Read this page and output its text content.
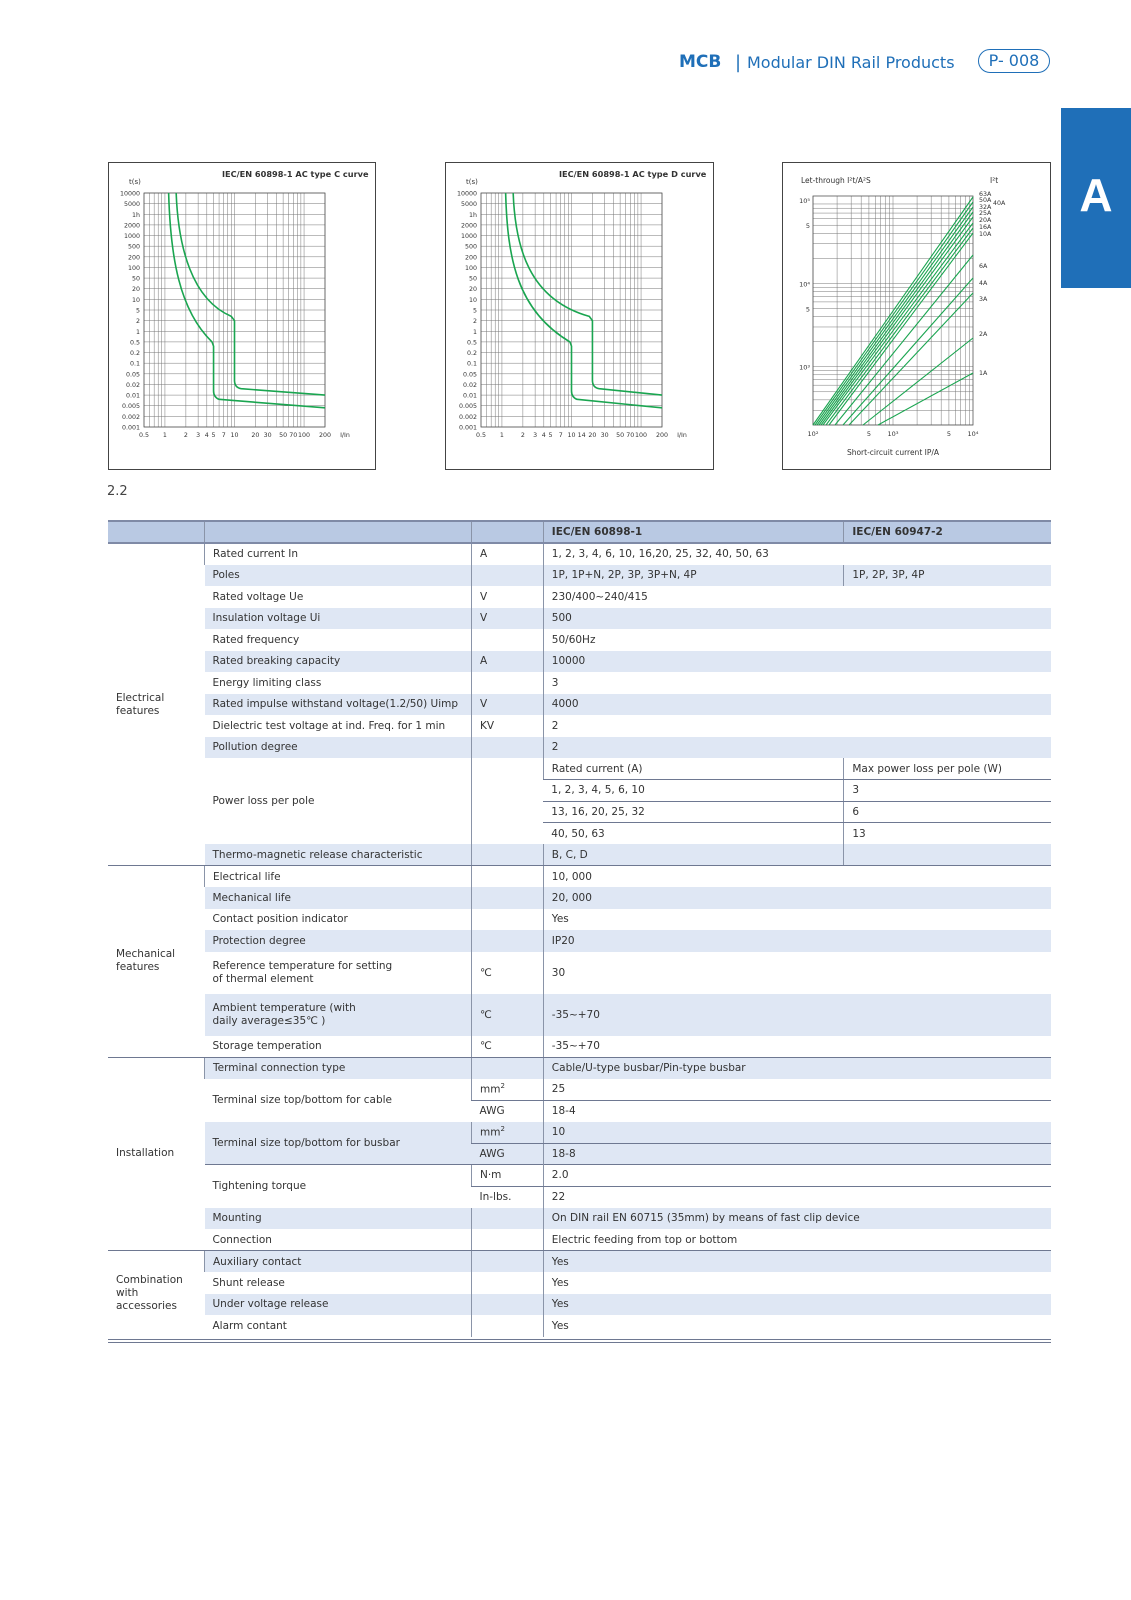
MCB | Modular DIN Rail Products	P- 008
A
IEC/EN 60898-1 AC type C curve
t(s)
10000
5000
1h
2000
1000
500
200
100
50
20
10
5
2
1
0.5
0.2
0.1
0.05
0.02
0.01
0.005
0.002
0.001
0.5 1	2 3 4 5 7 10 20 30 50 70 100 200 I/In
IEC/EN 60898-1 AC type D curve
t(s)
10000
5000
1h
2000
1000
500
200
100
50
20
10
5
2
1
0.5
0.2
0.1
0.05
0.02
0.01
0.005
0.002
0.001
0.5 1	2 3 4 5 7 10 14 20 30 50 70 100 200 I/In
Let-through I²t/A²S	I²t
10⁵
5
10⁴
5
10³
10²	5	10³	5	10⁴
Short-circuit current IP/A
63A
50A
32A
40A
25A
20A
16A
10A
6A
4A
3A
2A
1A
2.2
			IEC/EN 60898-1	IEC/EN 60947-2
Electrical features	Rated current In	A	1, 2, 3, 4, 6, 10, 16,20, 25, 32, 40, 50, 63	
	Poles		1P, 1P+N, 2P, 3P, 3P+N, 4P	1P, 2P, 3P, 4P
	Rated voltage Ue	V	230/400~240/415	
	Insulation voltage Ui	V	500	
	Rated frequency		50/60Hz	
	Rated breaking capacity	A	10000	
	Energy limiting class		3	
	Rated impulse withstand voltage(1.2/50) Uimp	V	4000	
	Dielectric test voltage at ind. Freq. for 1 min	KV	2	
	Pollution degree		2	
	Power loss per pole		Rated current (A)	Max power loss per pole (W)
			1, 2, 3, 4, 5, 6, 10	3
			13, 16, 20, 25, 32	6
			40, 50, 63	13
	Thermo-magnetic release characteristic		B, C, D	
Mechanical features	Electrical life		10, 000	
	Mechanical life		20, 000	
	Contact position indicator		Yes	
	Protection degree		IP20	
	Reference temperature for setting
of thermal element	℃	30	
	Ambient temperature (with
daily average≤35℃ )	℃	-35~+70	
	Storage temperation	℃	-35~+70	
Installation	Terminal connection type		Cable/U-type busbar/Pin-type busbar	
	Terminal size top/bottom for cable	$mm^2$	25	
		AWG	18-4	
	Terminal size top/bottom for busbar	$mm^2$	10	
		AWG	18-8	
	Tightening torque	N·m	2.0	
		In-lbs.	22	
	Mounting		On DIN rail EN 60715 (35mm) by means of fast clip device	
	Connection		Electric feeding from top or bottom	
Combination with accessories	Auxiliary contact		Yes	
	Shunt release		Yes	
	Under voltage release		Yes	
	Alarm contant		Yes	
